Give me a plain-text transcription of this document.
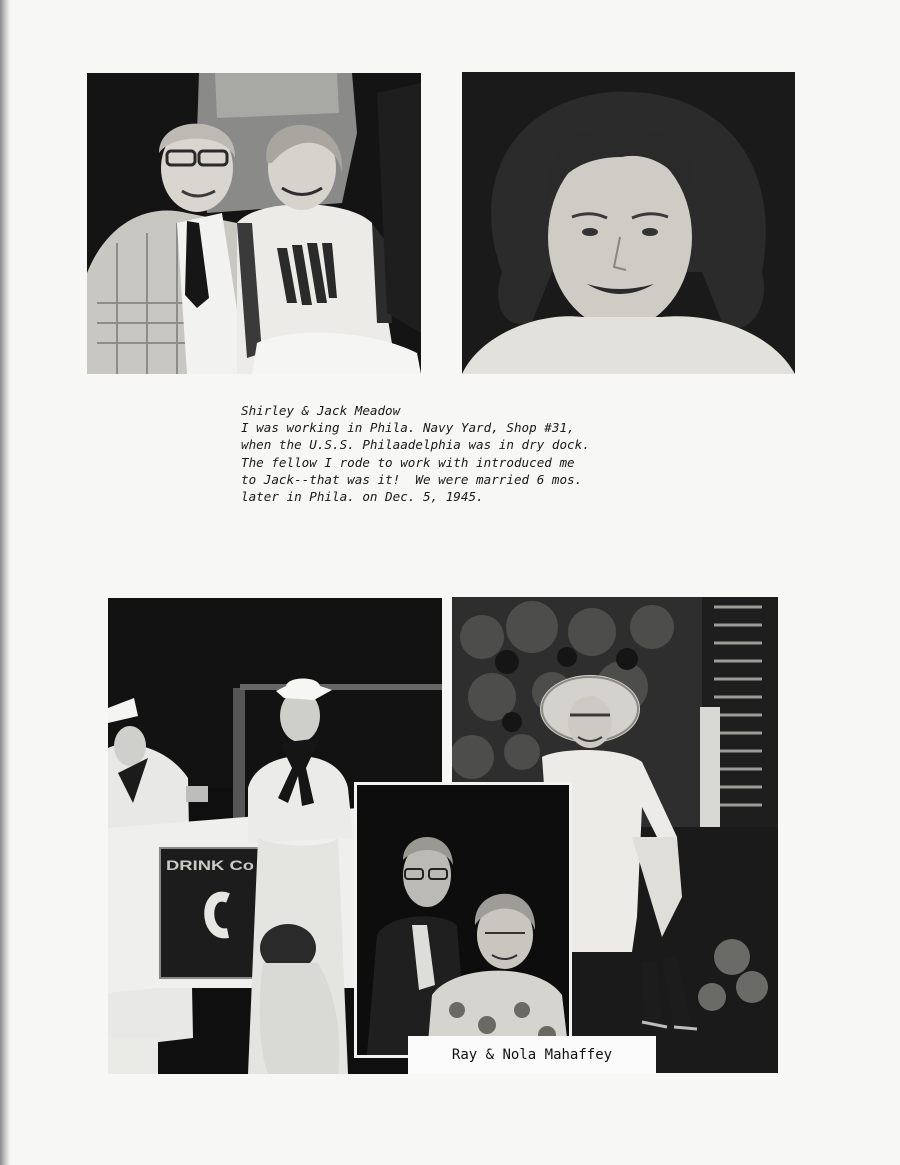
Shirley & Jack Meadow
I was working in Phila. Navy Yard, Shop #31,
when the U.S.S. Philaadelphia was in dry dock.
The fellow I rode to work with introduced me
to Jack--that was it!  We were married 6 mos.
later in Phila. on Dec. 5, 1945.
DRINK Co
Ray & Nola Mahaffey
